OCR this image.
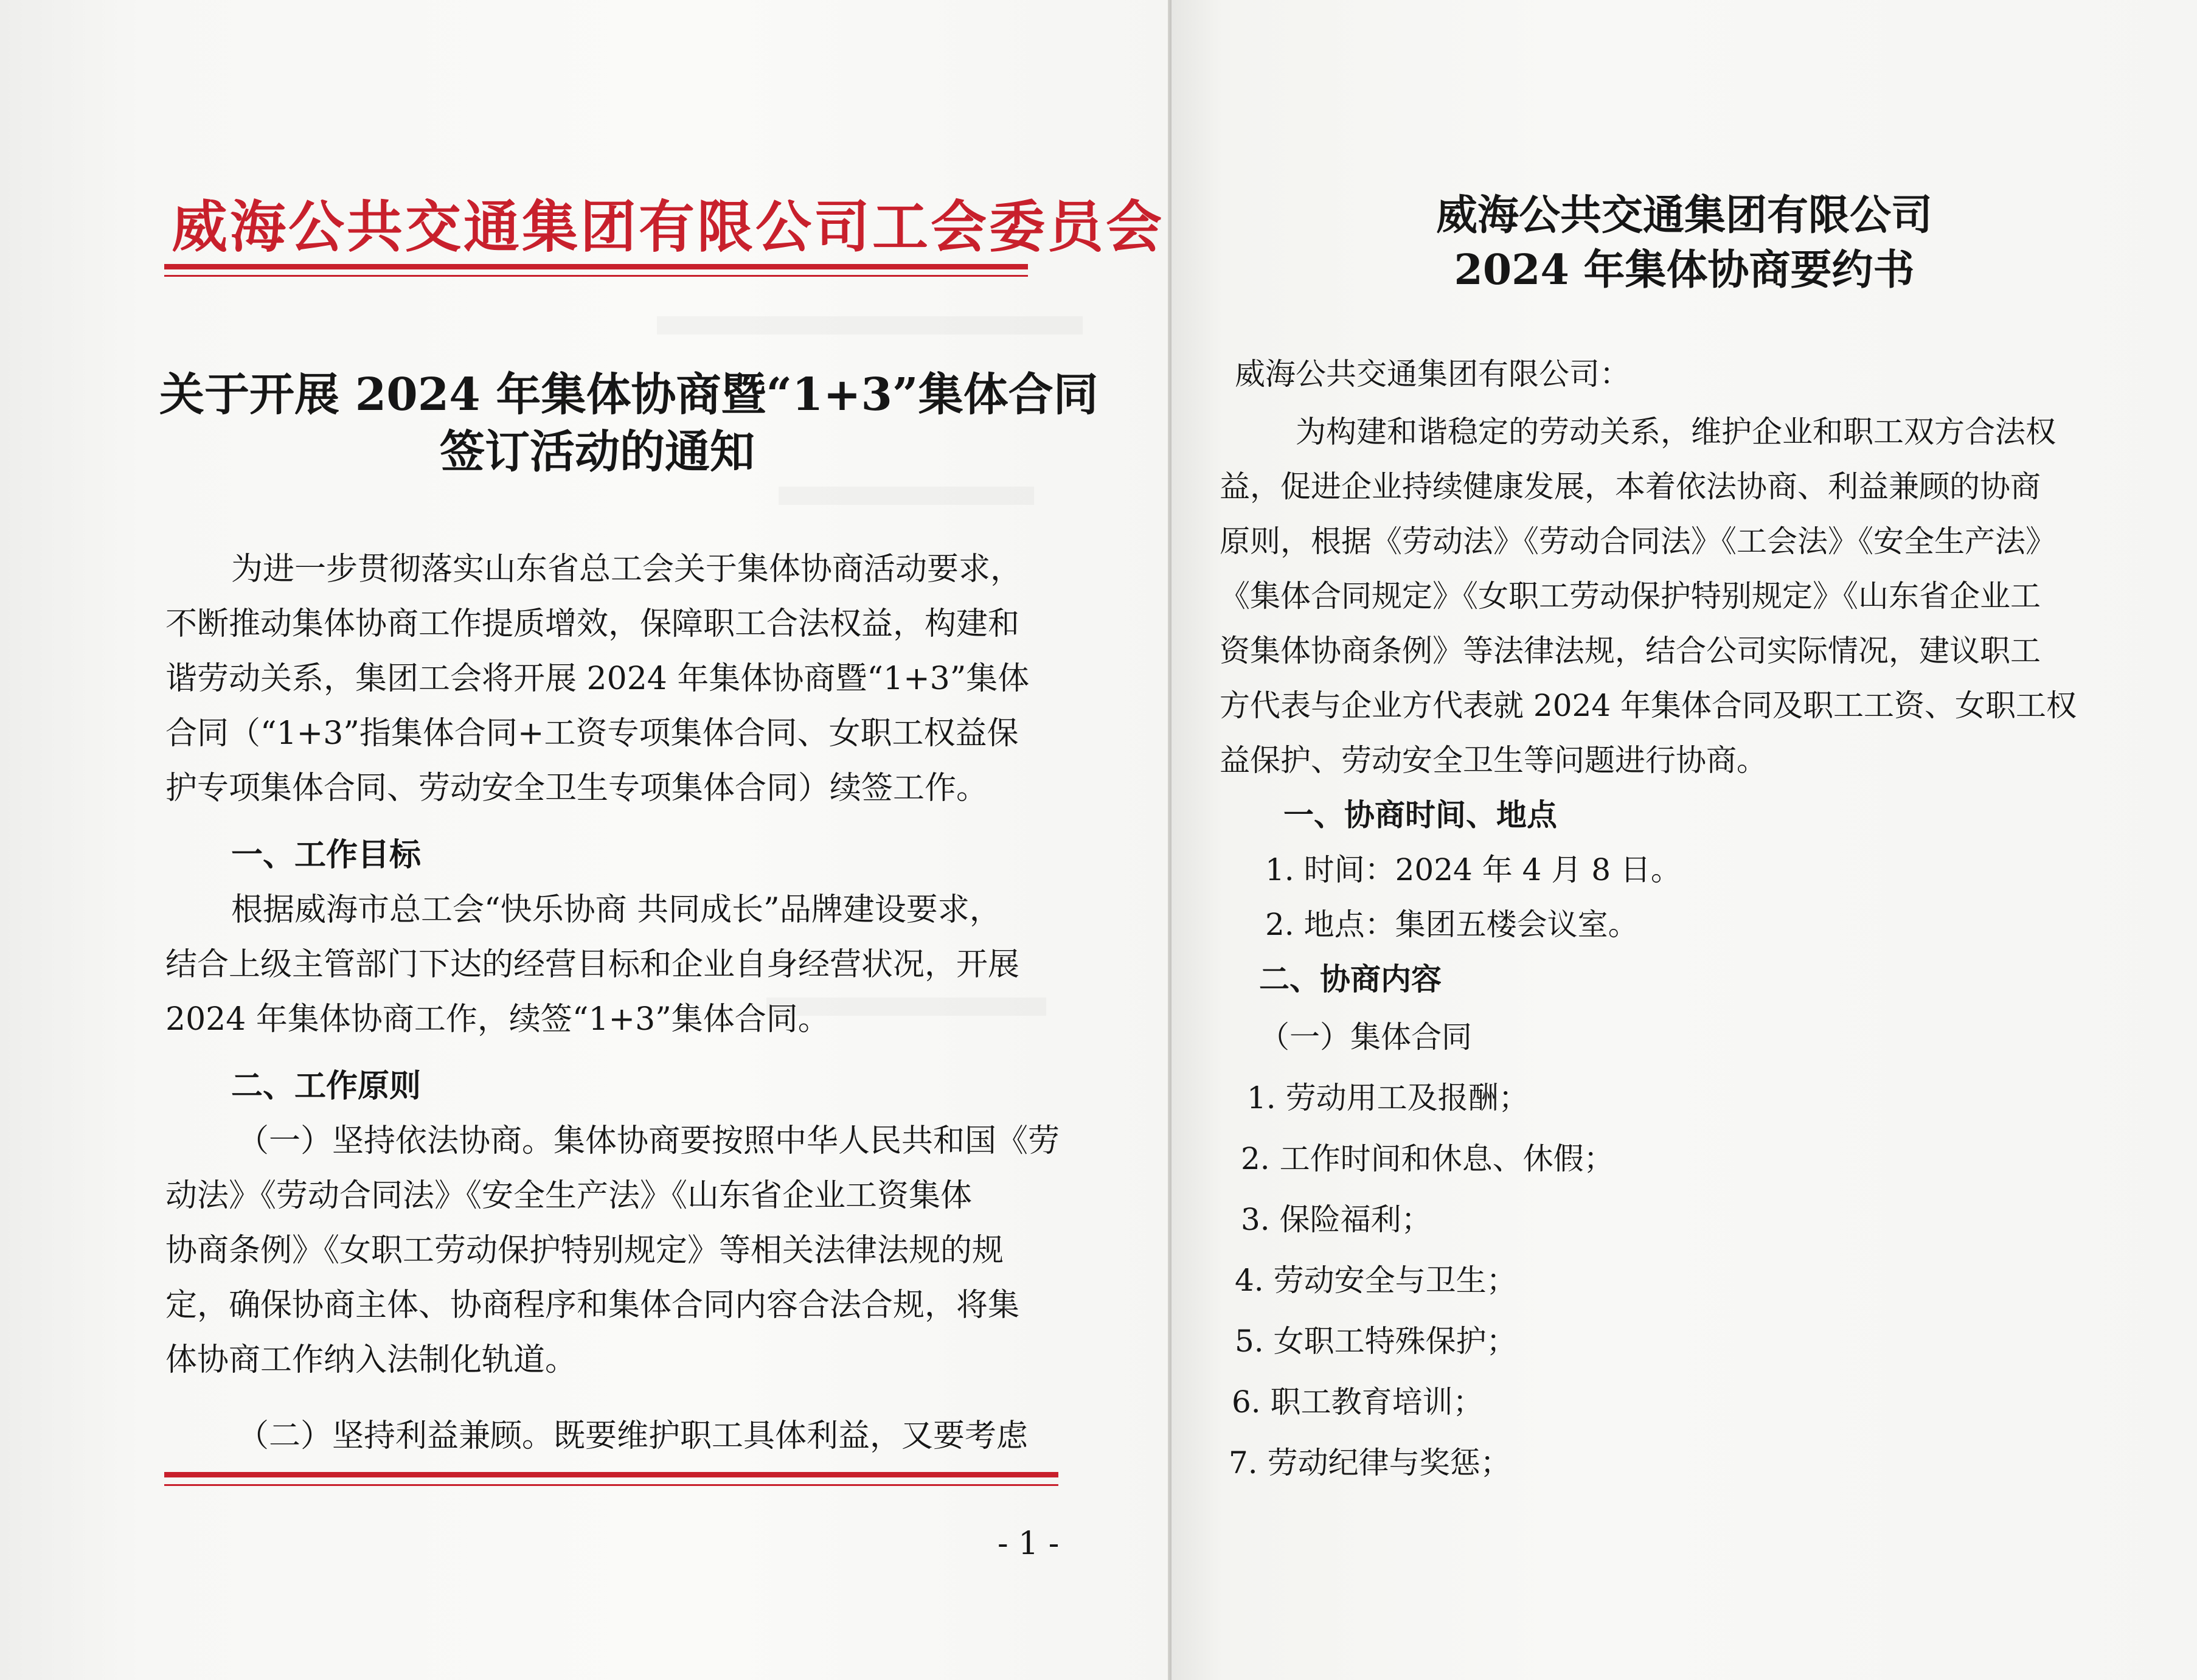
威海公共交通集团有限公司工会委员会
关于开展 2024 年集体协商暨“1+3”集体合同
签订活动的通知
为进一步贯彻落实山东省总工会关于集体协商活动要求，
不断推动集体协商工作提质增效，保障职工合法权益，构建和
谐劳动关系，集团工会将开展 2024 年集体协商暨“1+3”集体
合同（“1+3”指集体合同+工资专项集体合同、女职工权益保
护专项集体合同、劳动安全卫生专项集体合同）续签工作。
一、工作目标
根据威海市总工会“快乐协商 共同成长”品牌建设要求，
结合上级主管部门下达的经营目标和企业自身经营状况，开展
2024 年集体协商工作，续签“1+3”集体合同。
二、工作原则
（一）坚持依法协商。集体协商要按照中华人民共和国《劳
动法》《劳动合同法》《安全生产法》《山东省企业工资集体
协商条例》《女职工劳动保护特别规定》等相关法律法规的规
定，确保协商主体、协商程序和集体合同内容合法合规，将集
体协商工作纳入法制化轨道。
（二）坚持利益兼顾。既要维护职工具体利益，又要考虑
- 1 -
威海公共交通集团有限公司
2024 年集体协商要约书
威海公共交通集团有限公司：
为构建和谐稳定的劳动关系，维护企业和职工双方合法权
益，促进企业持续健康发展，本着依法协商、利益兼顾的协商
原则，根据《劳动法》《劳动合同法》《工会法》《安全生产法》
《集体合同规定》《女职工劳动保护特别规定》《山东省企业工
资集体协商条例》等法律法规，结合公司实际情况，建议职工
方代表与企业方代表就 2024 年集体合同及职工工资、女职工权
益保护、劳动安全卫生等问题进行协商。
一、协商时间、地点
1. 时间：2024 年 4 月 8 日。
2. 地点：集团五楼会议室。
二、协商内容
（一）集体合同
1. 劳动用工及报酬；
2. 工作时间和休息、休假；
3. 保险福利；
4. 劳动安全与卫生；
5. 女职工特殊保护；
6. 职工教育培训；
7. 劳动纪律与奖惩；
